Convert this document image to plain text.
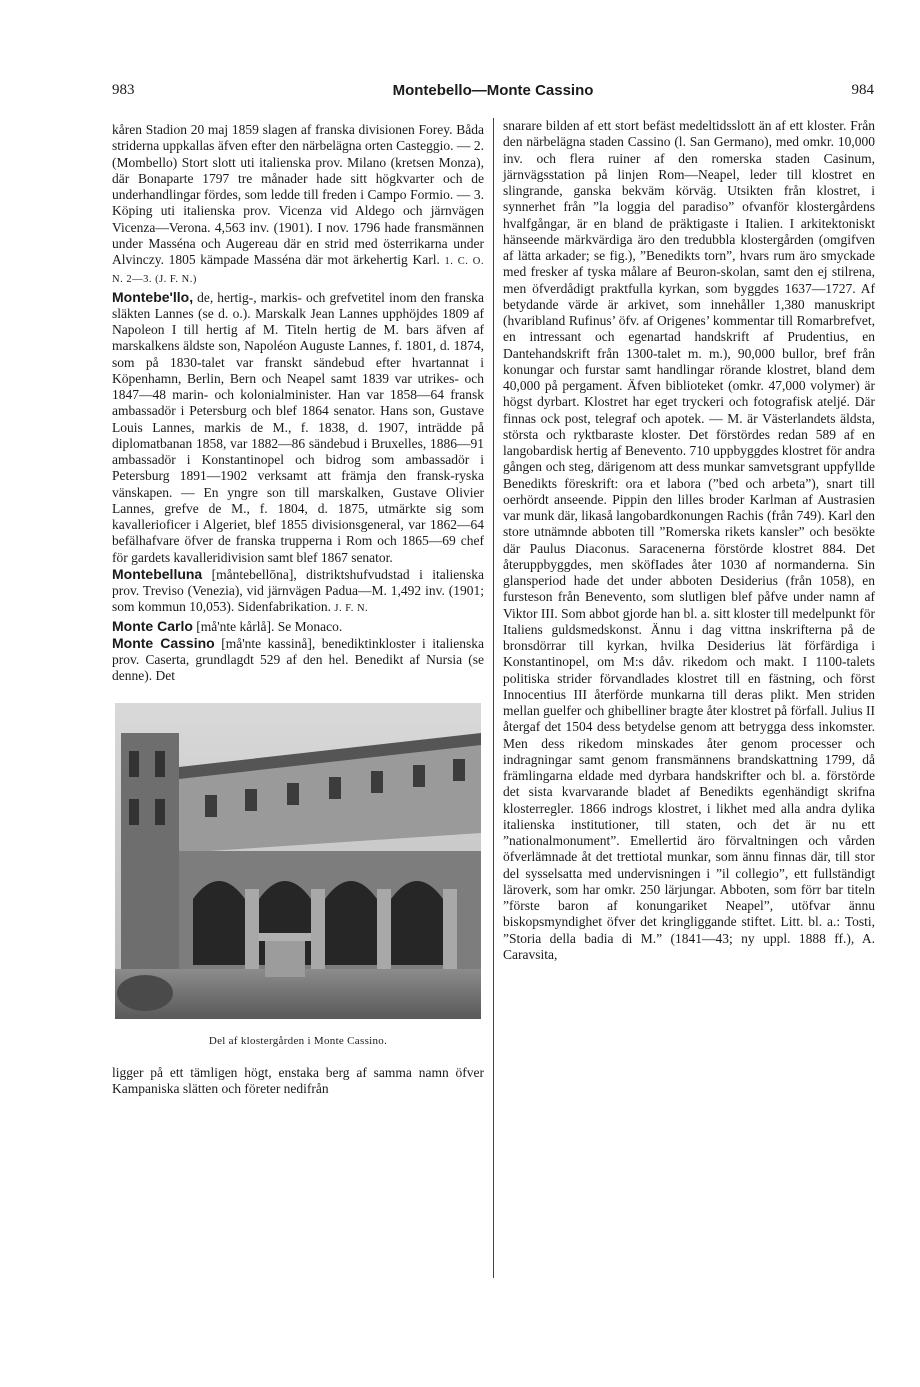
983	Montebello—Monte Cassino	984

kåren Stadion 20 maj 1859 slagen af franska divisionen Forey. Båda striderna uppkallas äfven efter den närbelägna orten Casteggio. — 2. (Mombello) Stort slott uti italienska prov. Milano (kretsen Monza), där Bonaparte 1797 tre månader hade sitt högkvarter och de underhandlingar fördes, som ledde till freden i Campo Formio. — 3. Köping uti italienska prov. Vicenza vid Aldego och järnvägen Vicenza—Verona. 4,563 inv. (1901). I nov. 1796 hade fransmännen under Masséna och Augereau där en strid med österrikarna under Alvinczy. 1805 kämpade Masséna där mot ärkehertig Karl. 1. C. O. N. 2—3. (J. F. N.)

Montebe'llo, de, hertig-, markis- och grefvetitel inom den franska släkten Lannes (se d. o.). Marskalk Jean Lannes upphöjdes 1809 af Napoleon I till hertig af M. Titeln hertig de M. bars äfven af marskalkens äldste son, Napoléon Auguste Lannes, f. 1801, d. 1874, som på 1830-talet var franskt sändebud efter hvartannat i Köpenhamn, Berlin, Bern och Neapel samt 1839 var utrikes- och 1847—48 marin- och kolonialminister. Han var 1858—64 fransk ambassadör i Petersburg och blef 1864 senator. Hans son, Gustave Louis Lannes, markis de M., f. 1838, d. 1907, inträdde på diplomatbanan 1858, var 1882—86 sändebud i Bruxelles, 1886—91 ambassadör i Konstantinopel och bidrog som ambassadör i Petersburg 1891—1902 verksamt att främja den fransk-ryska vänskapen. — En yngre son till marskalken, Gustave Olivier Lannes, grefve de M., f. 1804, d. 1875, utmärkte sig som kavallerioficer i Algeriet, blef 1855 divisionsgeneral, var 1862—64 befälhafvare öfver de franska trupperna i Rom och 1865—69 chef för gardets kavalleridivision samt blef 1867 senator.

Montebelluna [måntebellōna], distriktshufvudstad i italienska prov. Treviso (Venezia), vid järnvägen Padua—M. 1,492 inv. (1901; som kommun 10,053). Sidenfabrikation. J. F. N.

Monte Carlo [må'nte kårlå]. Se Monaco.

Monte Cassino [må'nte kassinå], benediktinkloster i italienska prov. Caserta, grundlagdt 529 af den hel. Benedikt af Nursia (se denne). Det

Del af klostergården i Monte Cassino.

ligger på ett tämligen högt, enstaka berg af samma namn öfver Kampaniska slätten och företer nedifrån

snarare bilden af ett stort befäst medeltidsslott än af ett kloster. Från den närbelägna staden Cassino (l. San Germano), med omkr. 10,000 inv. och flera ruiner af den romerska staden Casinum, järnvägsstation på linjen Rom—Neapel, leder till klostret en slingrande, ganska bekväm körväg. Utsikten från klostret, i synnerhet från ”la loggia del paradiso” ofvanför klostergårdens hvalfgångar, är en bland de präktigaste i Italien. I arkitektoniskt hänseende märkvärdiga äro den tredubbla klostergården (omgifven af lätta arkader; se fig.), ”Benedikts torn”, hvars rum äro smyckade med fresker af tyska målare af Beuron-skolan, samt den ej stilrena, men öfverdådigt praktfulla kyrkan, som byggdes 1637—1727. Af betydande värde är arkivet, som innehåller 1,380 manuskript (hvaribland Rufinus’ öfv. af Origenes’ kommentar till Romarbrefvet, en intressant och egenartad handskrift af Prudentius, en Dantehandskrift från 1300-talet m. m.), 90,000 bullor, bref från konungar och furstar samt handlingar rörande klostret, bland dem 40,000 på pergament. Äfven biblioteket (omkr. 47,000 volymer) är högst dyrbart. Klostret har eget tryckeri och fotografisk ateljé. Där finnas ock post, telegraf och apotek. — M. är Västerlandets äldsta, största och ryktbaraste kloster. Det förstördes redan 589 af en langobardisk hertig af Benevento. 710 uppbyggdes klostret för andra gången och steg, därigenom att dess munkar samvetsgrant uppfyllde Benedikts föreskrift: ora et labora (”bed och arbeta”), snart till oerhördt anseende. Pippin den lilles broder Karlman af Austrasien var munk där, likaså langobardkonungen Rachis (från 749). Karl den store utnämnde abboten till ”Romerska rikets kansler” och besökte där Paulus Diaconus. Saracenerna förstörde klostret 884. Det återuppbyggdes, men sköfIades åter 1030 af normanderna. Sin glansperiod hade det under abboten Desiderius (från 1058), en fursteson från Benevento, som slutligen blef påfve under namn af Viktor III. Som abbot gjorde han bl. a. sitt kloster till medelpunkt för Italiens guldsmedskonst. Ännu i dag vittna inskrifterna på de bronsdörrar till kyrkan, hvilka Desiderius lät förfärdiga i Konstantinopel, om M:s dåv. rikedom och makt. I 1100-talets politiska strider förvandlades klostret till en fästning, och först Innocentius III återförde munkarna till deras plikt. Men striden mellan guelfer och ghibelliner bragte åter klostret på förfall. Julius II återgaf det 1504 dess betydelse genom att betrygga dess inkomster. Men dess rikedom minskades åter genom processer och indragningar samt genom fransmännens brandskattning 1799, då främlingarna eldade med dyrbara handskrifter och bl. a. förstörde det sista kvarvarande bladet af Benedikts egenhändigt skrifna klosterregler. 1866 indrogs klostret, i likhet med alla andra dylika italienska institutioner, till staten, och det är nu ett ”nationalmonument”. Emellertid äro förvaltningen och vården öfverlämnade åt det trettiotal munkar, som ännu finnas där, till stor del sysselsatta med undervisningen i ”il collegio”, ett fullständigt läroverk, som har omkr. 250 lärjungar. Abboten, som förr bar titeln ”förste baron af konungariket Neapel”, utöfvar ännu biskopsmyndighet öfver det kringliggande stiftet. Litt. bl. a.: Tosti, ”Storia della badia di M.” (1841—43; ny uppl. 1888 ff.), A. Caravsita,
